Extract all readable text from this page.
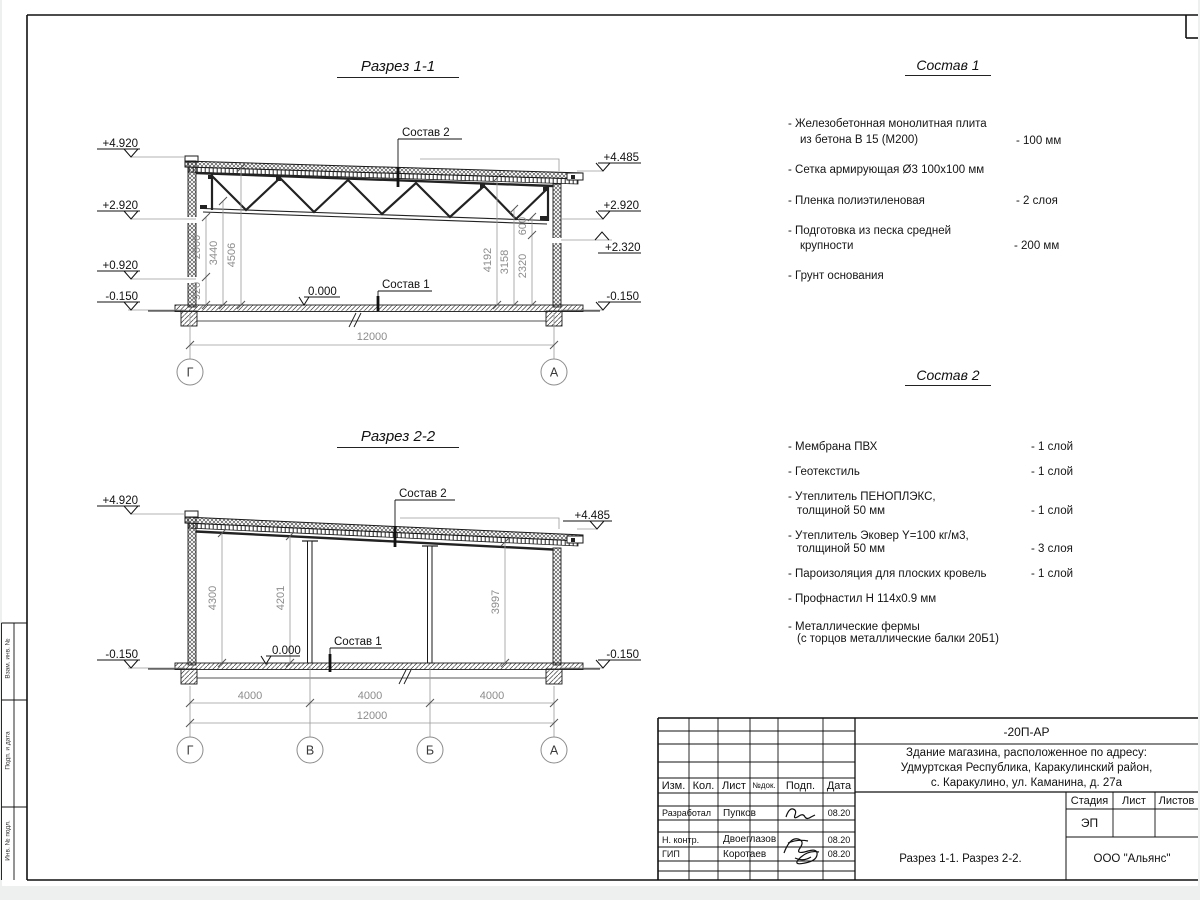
+4.920
+2.920
+0.920
-0.150
+4.485
+2.920
+2.320
-0.150
920
2000 3440 4506	4192 3158 2320
600
12000
Г	А
Состав 2
Состав 1
0.000
+4.920
-0.150
+4.485
-0.150
4300	4201	3997
4000	4000	4000
12000
Г	В	Б	А
Состав 2
Состав 1
0.000
Разрез 1-1
Разрез 2-2
Состав 1
- Железобетонная монолитная плита
из бетона В 15 (М200)	- 100 мм
- Сетка армирующая Ø3 100х100 мм
- Пленка полиэтиленовая	- 2 слоя
- Подготовка из песка средней
крупности	- 200 мм
- Грунт основания
Состав 2
- Мембрана ПВХ	- 1 слой
- Геотекстиль	- 1 слой
- Утеплитель ПЕНОПЛЭКС,
толщиной 50 мм	- 1 слой
- Утеплитель Эковер Y=100 кг/м3,
толщиной 50 мм	- 3 слоя
- Пароизоляция для плоских кровель	- 1 слой
- Профнастил Н 114х0.9 мм
- Металлические фермы
(с торцов металлические балки 20Б1)
-20П-АР
Здание магазина, расположенное по адресу:
Удмуртская Республика, Каракулинский район,
с. Каракулино, ул. Каманина, д. 27а
Изм. Кол. Лист №док. Подп.	Дата
Разработал	Пупков	08.20
Н. контр.	Двоеглазов	08.20
ГИП	Коротаев	08.20
Стадия	Лист	Листов
ЭП
Разрез 1-1. Разрез 2-2.	ООО "Альянс"
Взам. инв. №
Подп. и дата
Инв. № подл.
